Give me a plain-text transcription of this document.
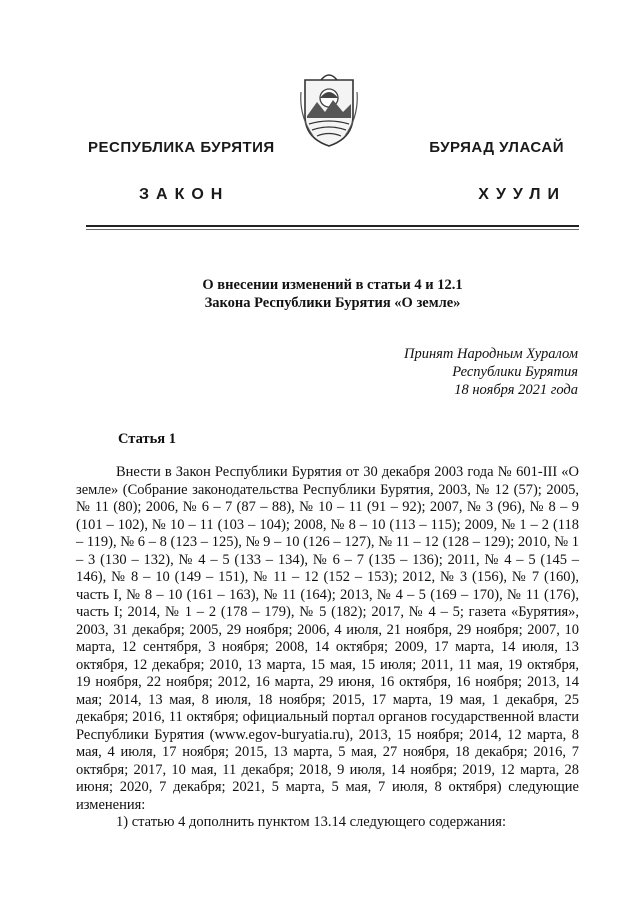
РЕСПУБЛИКА БУРЯТИЯ	БУРЯАД УЛАСАЙ
ЗАКОН	ХУУЛИ
О внесении изменений в статьи 4 и 12.1
Закона Республики Бурятия «О земле»
Принят Народным Хуралом
Республики Бурятия
18 ноября 2021 года
Статья 1

Внести в Закон Республики Бурятия от 30 декабря 2003 года № 601-III «О земле» (Собрание законодательства Республики Бурятия, 2003, № 12 (57); 2005, № 11 (80); 2006, № 6 – 7 (87 – 88), № 10 – 11 (91 – 92); 2007, № 3 (96), № 8 – 9 (101 – 102), № 10 – 11 (103 – 104); 2008, № 8 – 10 (113 – 115); 2009, № 1 – 2 (118 – 119), № 6 – 8 (123 – 125), № 9 – 10 (126 – 127), № 11 – 12 (128 – 129); 2010, № 1 – 3 (130 – 132), № 4 – 5 (133 – 134), № 6 – 7 (135 – 136); 2011, № 4 – 5 (145 – 146), № 8 – 10 (149 – 151), № 11 – 12 (152 – 153); 2012, № 3 (156), № 7 (160), часть I, № 8 – 10 (161 – 163), № 11 (164); 2013, № 4 – 5 (169 – 170), № 11 (176), часть I; 2014, № 1 – 2 (178 – 179), № 5 (182); 2017, № 4 – 5; газета «Бурятия», 2003, 31 декабря; 2005, 29 ноября; 2006, 4 июля, 21 ноября, 29 ноября; 2007, 10 марта, 12 сентября, 3 ноября; 2008, 14 октября; 2009, 17 марта, 14 июля, 13 октября, 12 декабря; 2010, 13 марта, 15 мая, 15 июля; 2011, 11 мая, 19 октября, 19 ноября, 22 ноября; 2012, 16 марта, 29 июня, 16 октября, 16 ноября; 2013, 14 мая; 2014, 13 мая, 8 июля, 18 ноября; 2015, 17 марта, 19 мая, 1 декабря, 25 декабря; 2016, 11 октября; официальный портал органов государственной власти Республики Бурятия (www.egov-buryatia.ru), 2013, 15 ноября; 2014, 12 марта, 8 мая, 4 июля, 17 ноября; 2015, 13 марта, 5 мая, 27 ноября, 18 декабря; 2016, 7 октября; 2017, 10 мая, 11 декабря; 2018, 9 июля, 14 ноября; 2019, 12 марта, 28 июня; 2020, 7 декабря; 2021, 5 марта, 5 мая, 7 июля, 8 октября) следующие изменения:

1) статью 4 дополнить пунктом 13.14 следующего содержания:
